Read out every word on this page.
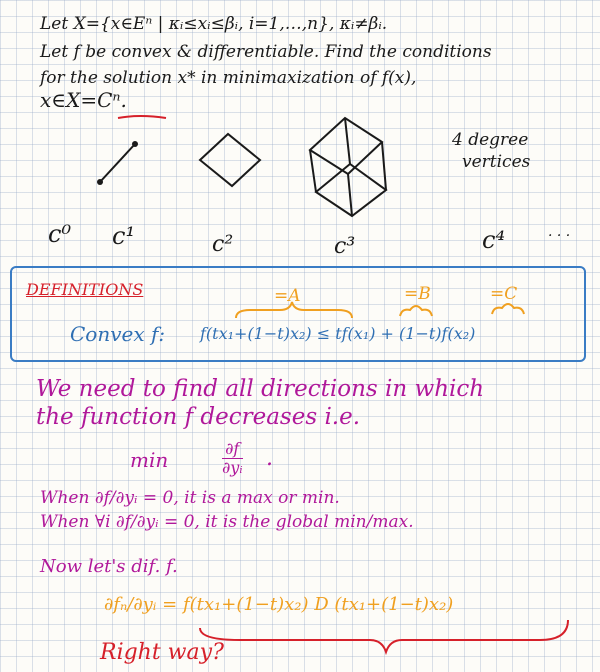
Let X={x∈Eⁿ | κᵢ≤xᵢ≤βᵢ, i=1,…,n}, κᵢ≠βᵢ.
Let f be convex & differentiable. Find the conditions
for the solution x* in minimaxization of f(x),
x∈X=Cⁿ.
c⁰ c¹	c²	c³	c⁴
4 degree
vertices
· · ·
DEFINITIONS	=A	=B	=C
Convex f: f(tx₁+(1−t)x₂) ≤ tf(x₁) + (1−t)f(x₂)
We need to find all directions in which
the function f decreases i.e.
min	$\frac{\partial f}{\text{∂yᵢ}}$ .
When ∂f/∂yᵢ = 0, it is a max or min.
When ∀i ∂f/∂yᵢ = 0, it is the global min/max.
Now let's dif. f.
∂fₙ/∂yᵢ = f(tx₁+(1−t)x₂) D (tx₁+(1−t)x₂)
Right way?
